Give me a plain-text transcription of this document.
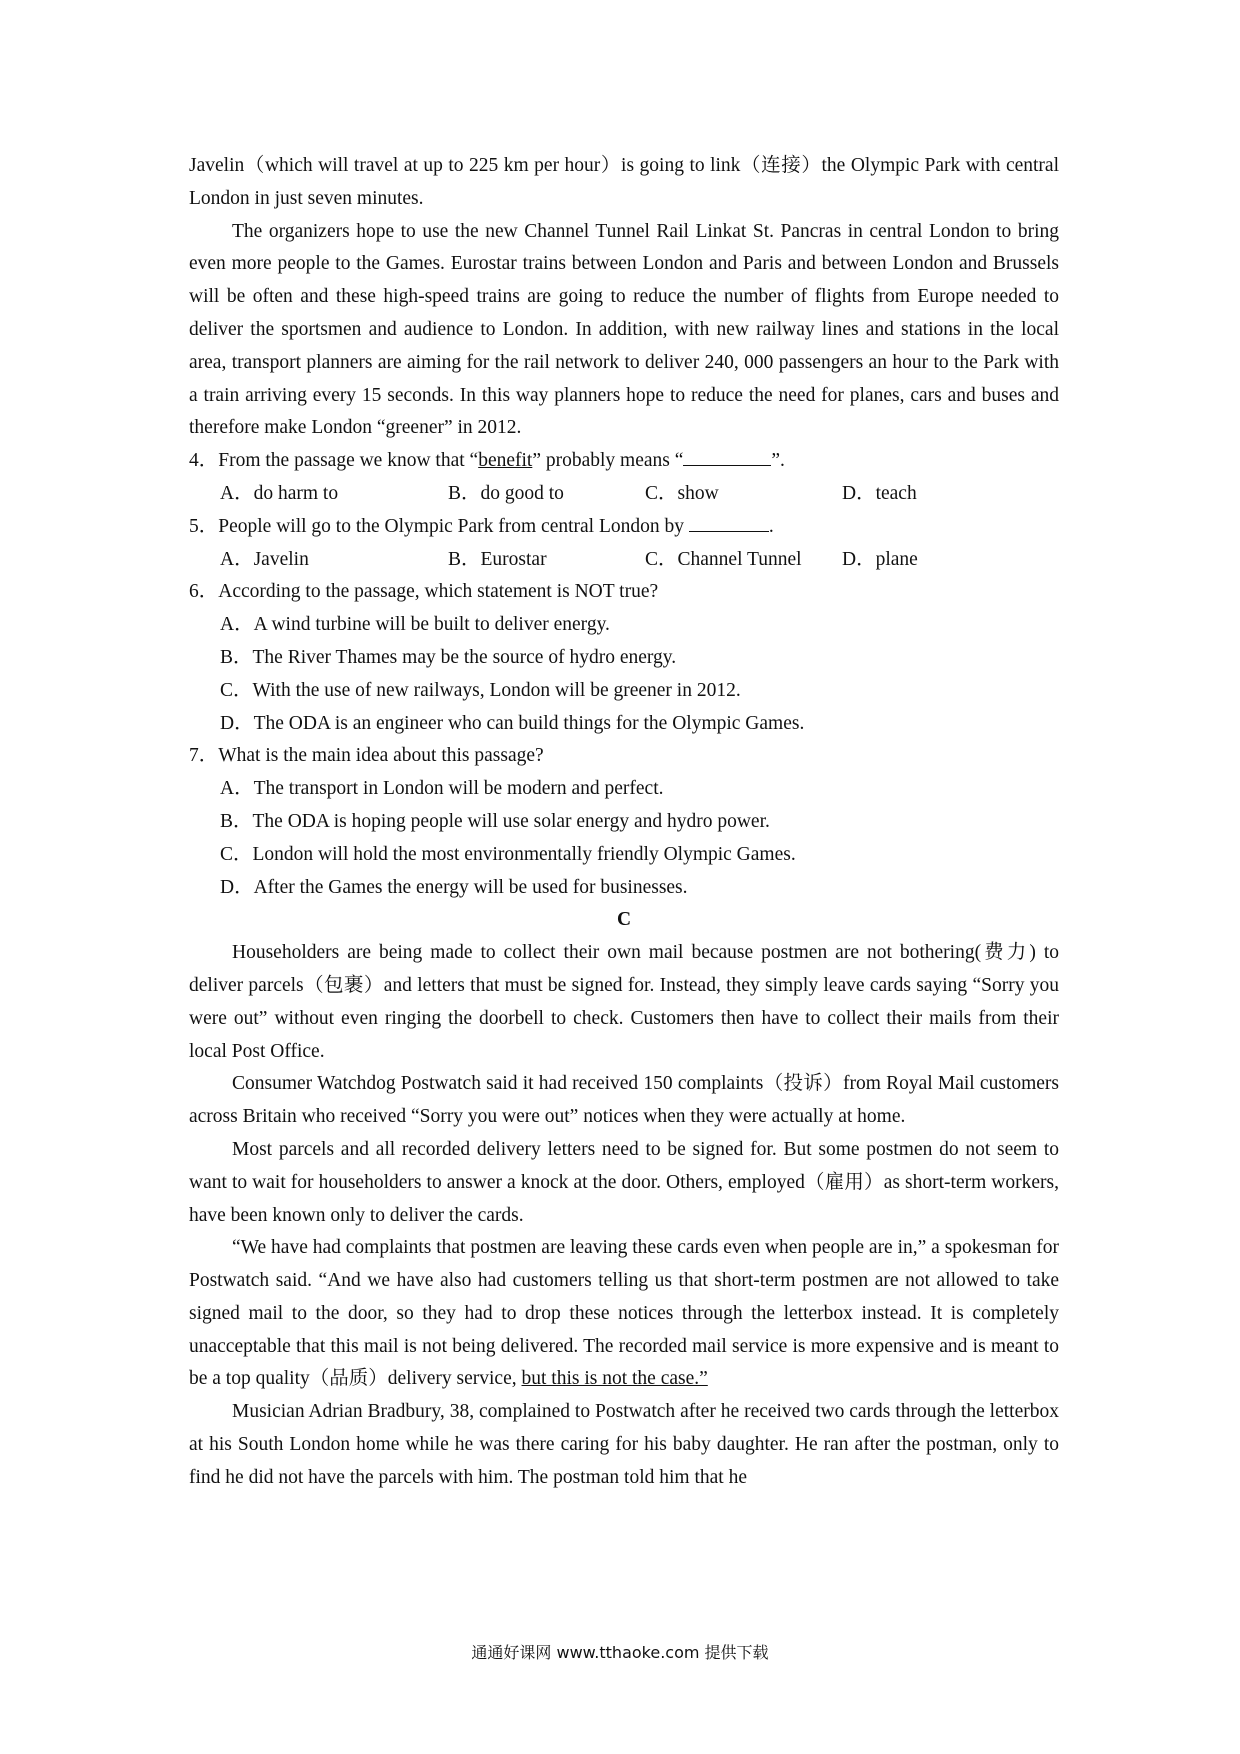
Javelin（which will travel at up to 225 km per hour）is going to link（连接）the Olympic Park with central London in just seven minutes.

The organizers hope to use the new Channel Tunnel Rail Linkat St. Pancras in central London to bring even more people to the Games. Eurostar trains between London and Paris and between London and Brussels will be often and these high-speed trains are going to reduce the number of flights from Europe needed to deliver the sportsmen and audience to London. In addition, with new railway lines and stations in the local area, transport planners are aiming for the rail network to deliver 240, 000 passengers an hour to the Park with a train arriving every 15 seconds. In this way planners hope to reduce the need for planes, cars and buses and therefore make London “greener” in 2012.

4．From the passage we know that “benefit” probably means “	”.

A．do harm to	B．do good to	C．show	D．teach

5．People will go to the Olympic Park from central London by	.

A．Javelin	B．Eurostar	C．Channel Tunnel	D．plane

6．According to the passage, which statement is NOT true?

A．A wind turbine will be built to deliver energy.

B．The River Thames may be the source of hydro energy.

C．With the use of new railways, London will be greener in 2012.

D．The ODA is an engineer who can build things for the Olympic Games.

7．What is the main idea about this passage?

A．The transport in London will be modern and perfect.

B．The ODA is hoping people will use solar energy and hydro power.

C．London will hold the most environmentally friendly Olympic Games.

D．After the Games the energy will be used for businesses.

C

Householders are being made to collect their own mail because postmen are not bothering(费力) to deliver parcels（包裹）and letters that must be signed for. Instead, they simply leave cards saying “Sorry you were out” without even ringing the doorbell to check. Customers then have to collect their mails from their local Post Office.

Consumer Watchdog Postwatch said it had received 150 complaints（投诉）from Royal Mail customers across Britain who received “Sorry you were out” notices when they were actually at home.

Most parcels and all recorded delivery letters need to be signed for. But some postmen do not seem to want to wait for householders to answer a knock at the door. Others, employed（雇用）as short-term workers, have been known only to deliver the cards.

“We have had complaints that postmen are leaving these cards even when people are in,” a spokesman for Postwatch said. “And we have also had customers telling us that short-term postmen are not allowed to take signed mail to the door, so they had to drop these notices through the letterbox instead. It is completely unacceptable that this mail is not being delivered. The recorded mail service is more expensive and is meant to be a top quality（品质）delivery service, but this is not the case.”

Musician Adrian Bradbury, 38, complained to Postwatch after he received two cards through the letterbox at his South London home while he was there caring for his baby daughter. He ran after the postman, only to find he did not have the parcels with him. The postman told him that he

通通好课网 www.tthaoke.com 提供下载
